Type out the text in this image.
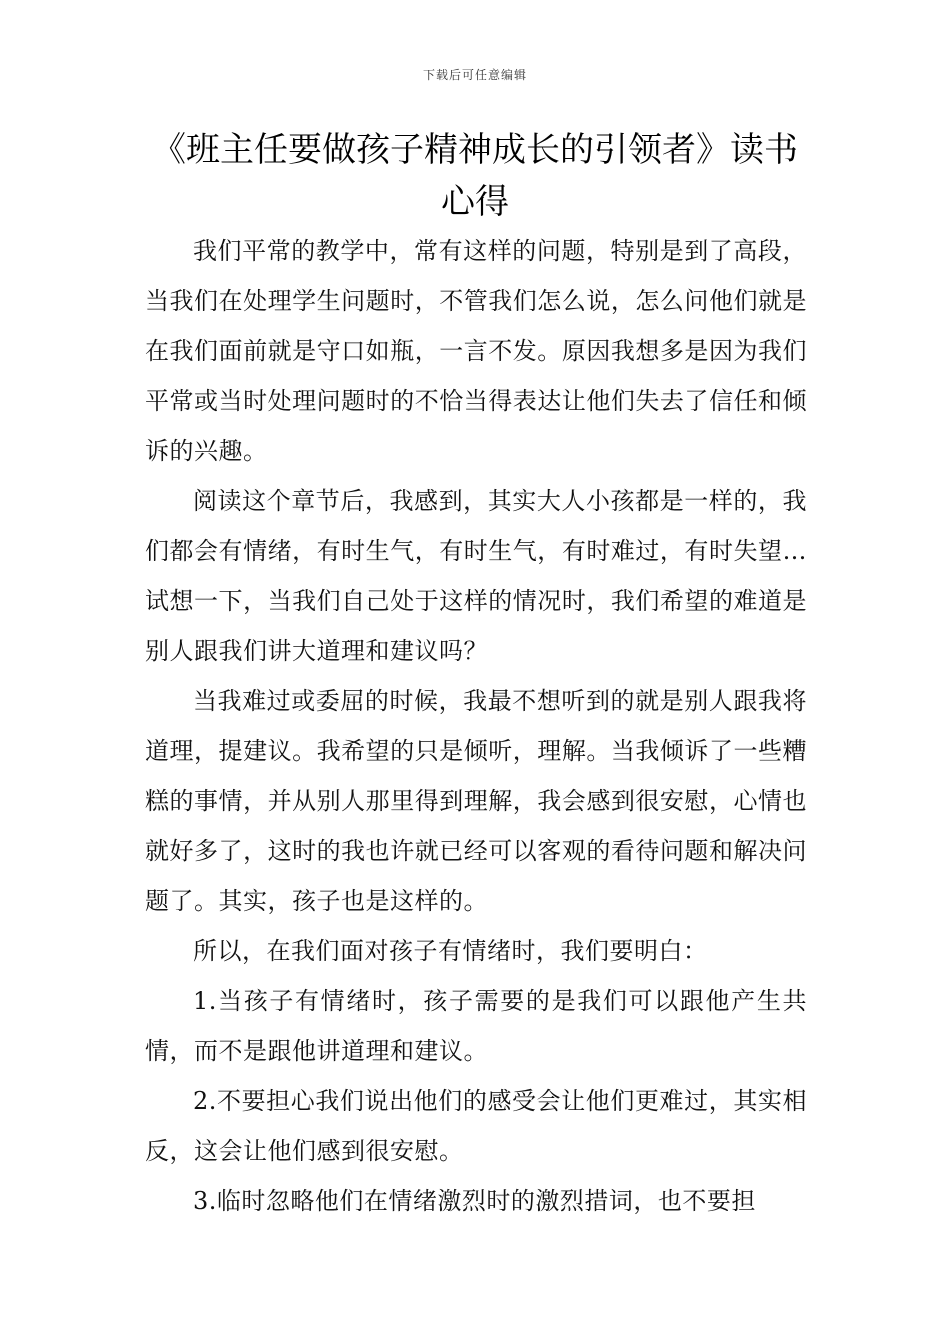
下载后可任意编辑
《班主任要做孩子精神成长的引领者》读书心得

我们平常的教学中，常有这样的问题，特别是到了高段，当我们在处理学生问题时，不管我们怎么说，怎么问他们就是在我们面前就是守口如瓶，一言不发。原因我想多是因为我们平常或当时处理问题时的不恰当得表达让他们失去了信任和倾诉的兴趣。

阅读这个章节后，我感到，其实大人小孩都是一样的，我们都会有情绪，有时生气，有时生气，有时难过，有时失望…试想一下，当我们自己处于这样的情况时，我们希望的难道是别人跟我们讲大道理和建议吗？

当我难过或委屈的时候，我最不想听到的就是别人跟我将道理，提建议。我希望的只是倾听，理解。当我倾诉了一些糟糕的事情，并从别人那里得到理解，我会感到很安慰，心情也就好多了，这时的我也许就已经可以客观的看待问题和解决问题了。其实，孩子也是这样的。

所以，在我们面对孩子有情绪时，我们要明白：

1.当孩子有情绪时，孩子需要的是我们可以跟他产生共情，而不是跟他讲道理和建议。

2.不要担心我们说出他们的感受会让他们更难过，其实相反，这会让他们感到很安慰。

3.临时忽略他们在情绪激烈时的激烈措词，也不要担
